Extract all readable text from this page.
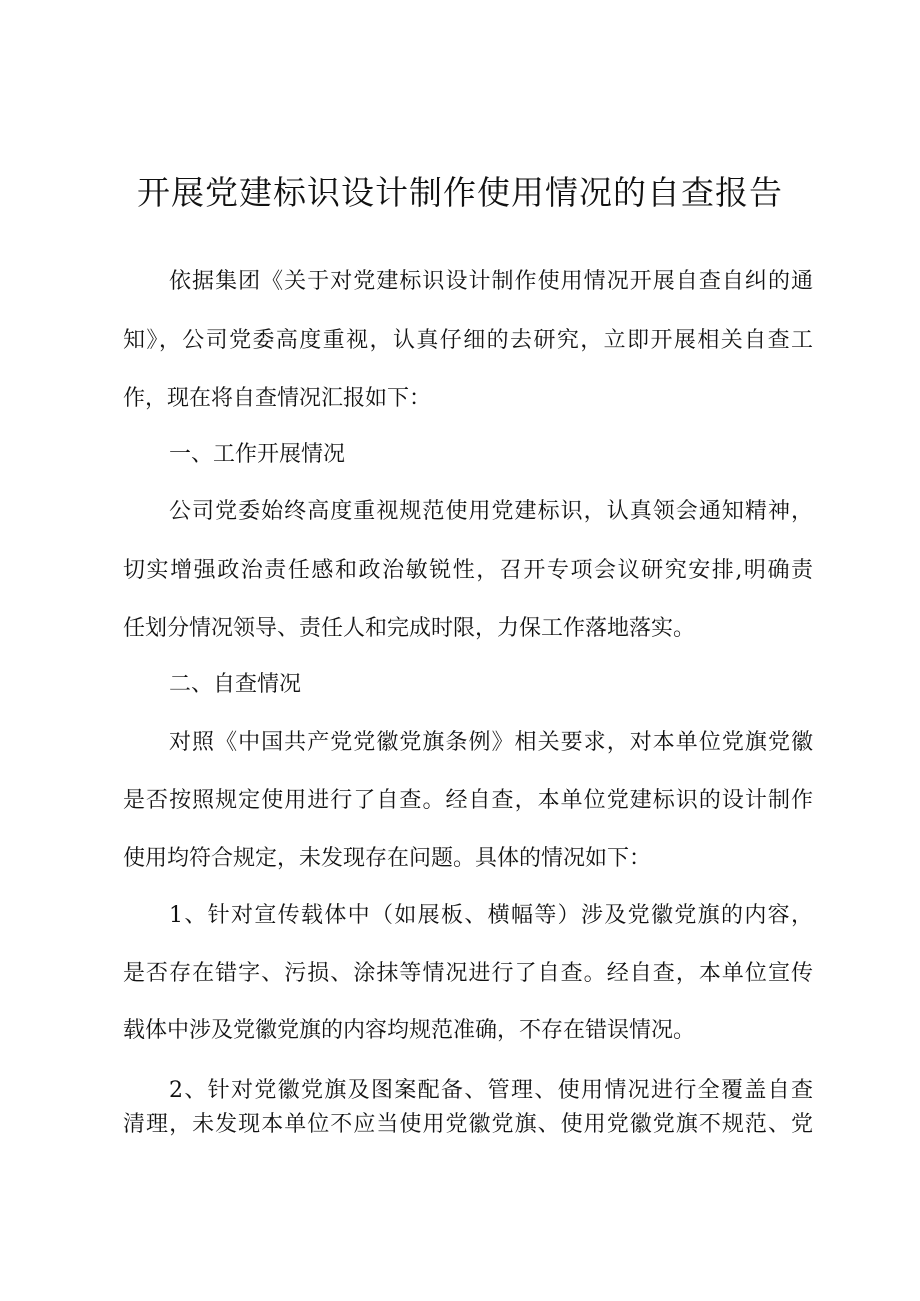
开展党建标识设计制作使用情况的自查报告
依据集团《关于对党建标识设计制作使用情况开展自查自纠的通
知》，公司党委高度重视，认真仔细的去研究，立即开展相关自查工
作，现在将自查情况汇报如下：
一、工作开展情况
公司党委始终高度重视规范使用党建标识，认真领会通知精神，
切实增强政治责任感和政治敏锐性，召开专项会议研究安排,明确责
任划分情况领导、责任人和完成时限，力保工作落地落实。
二、自查情况
对照《中国共产党党徽党旗条例》相关要求，对本单位党旗党徽
是否按照规定使用进行了自查。经自查，本单位党建标识的设计制作
使用均符合规定，未发现存在问题。具体的情况如下：
1、针对宣传载体中（如展板、横幅等）涉及党徽党旗的内容，
是否存在错字、污损、涂抹等情况进行了自查。经自查，本单位宣传
载体中涉及党徽党旗的内容均规范准确，不存在错误情况。
2、针对党徽党旗及图案配备、管理、使用情况进行全覆盖自查
清理，未发现本单位不应当使用党徽党旗、使用党徽党旗不规范、党
